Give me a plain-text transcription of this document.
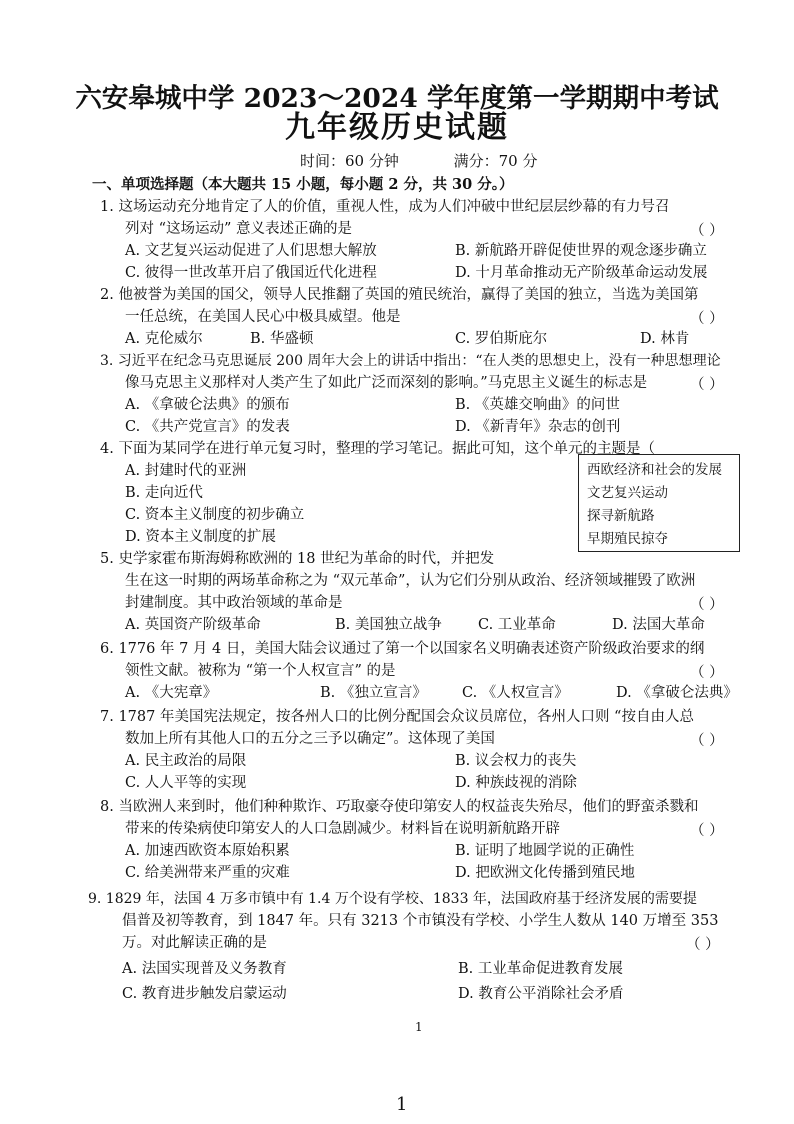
六安皋城中学 2023～2024 学年度第一学期期中考试
九年级历史试题
时间：60 分钟	满分：70 分
一、单项选择题（本大题共 15 小题，每小题 2 分，共 30 分。）
1. 这场运动充分地肯定了人的价值，重视人性，成为人们冲破中世纪层层纱幕的有力号召
列对 “这场运动” 意义表述正确的是	（ ）
A. 文艺复兴运动促进了人们思想大解放	B. 新航路开辟促使世界的观念逐步确立
C. 彼得一世改革开启了俄国近代化进程	D. 十月革命推动无产阶级革命运动发展
2. 他被誉为美国的国父，领导人民推翻了英国的殖民统治，赢得了美国的独立，当选为美国第
一任总统，在美国人民心中极具威望。他是	（ ）
A. 克伦威尔	B. 华盛顿	C. 罗伯斯庇尔	D. 林肯
3. 习近平在纪念马克思诞辰 200 周年大会上的讲话中指出：“在人类的思想史上，没有一种思想理论
像马克思主义那样对人类产生了如此广泛而深刻的影响。”马克思主义诞生的标志是	（ ）
A. 《拿破仑法典》的颁布	B. 《英雄交响曲》的问世
C. 《共产党宣言》的发表	D. 《新青年》杂志的创刊
4. 下面为某同学在进行单元复习时，整理的学习笔记。据此可知，这个单元的主题是（
A. 封建时代的亚洲
B. 走向近代
C. 资本主义制度的初步确立
D. 资本主义制度的扩展
西欧经济和社会的发展
文艺复兴运动
探寻新航路
早期殖民掠夺
5. 史学家霍布斯海姆称欧洲的 18 世纪为革命的时代，并把发
生在这一时期的两场革命称之为 “双元革命”，认为它们分别从政治、经济领域摧毁了欧洲
封建制度。其中政治领域的革命是	（ ）
A. 英国资产阶级革命	B. 美国独立战争 C. 工业革命	D. 法国大革命
6. 1776 年 7 月 4 日，美国大陆会议通过了第一个以国家名义明确表述资产阶级政治要求的纲
领性文献。被称为 “第一个人权宣言” 的是	（ ）
A. 《大宪章》	B. 《独立宣言》 C. 《人权宣言》	D. 《拿破仑法典》
7. 1787 年美国宪法规定，按各州人口的比例分配国会众议员席位，各州人口则 “按自由人总
数加上所有其他人口的五分之三予以确定”。这体现了美国	（ ）
A. 民主政治的局限	B. 议会权力的丧失
C. 人人平等的实现	D. 种族歧视的消除
8. 当欧洲人来到时，他们种种欺诈、巧取豪夺使印第安人的权益丧失殆尽，他们的野蛮杀戮和
带来的传染病使印第安人的人口急剧减少。材料旨在说明新航路开辟	（ ）
A. 加速西欧资本原始积累	B. 证明了地圆学说的正确性
C. 给美洲带来严重的灾难	D. 把欧洲文化传播到殖民地
9. 1829 年，法国 4 万多市镇中有 1.4 万个设有学校、1833 年，法国政府基于经济发展的需要提
倡普及初等教育，到 1847 年。只有 3213 个市镇没有学校、小学生人数从 140 万增至 353
万。对此解读正确的是	（ ）
A. 法国实现普及义务教育	B. 工业革命促进教育发展
C. 教育进步触发启蒙运动	D. 教育公平消除社会矛盾
1
1
